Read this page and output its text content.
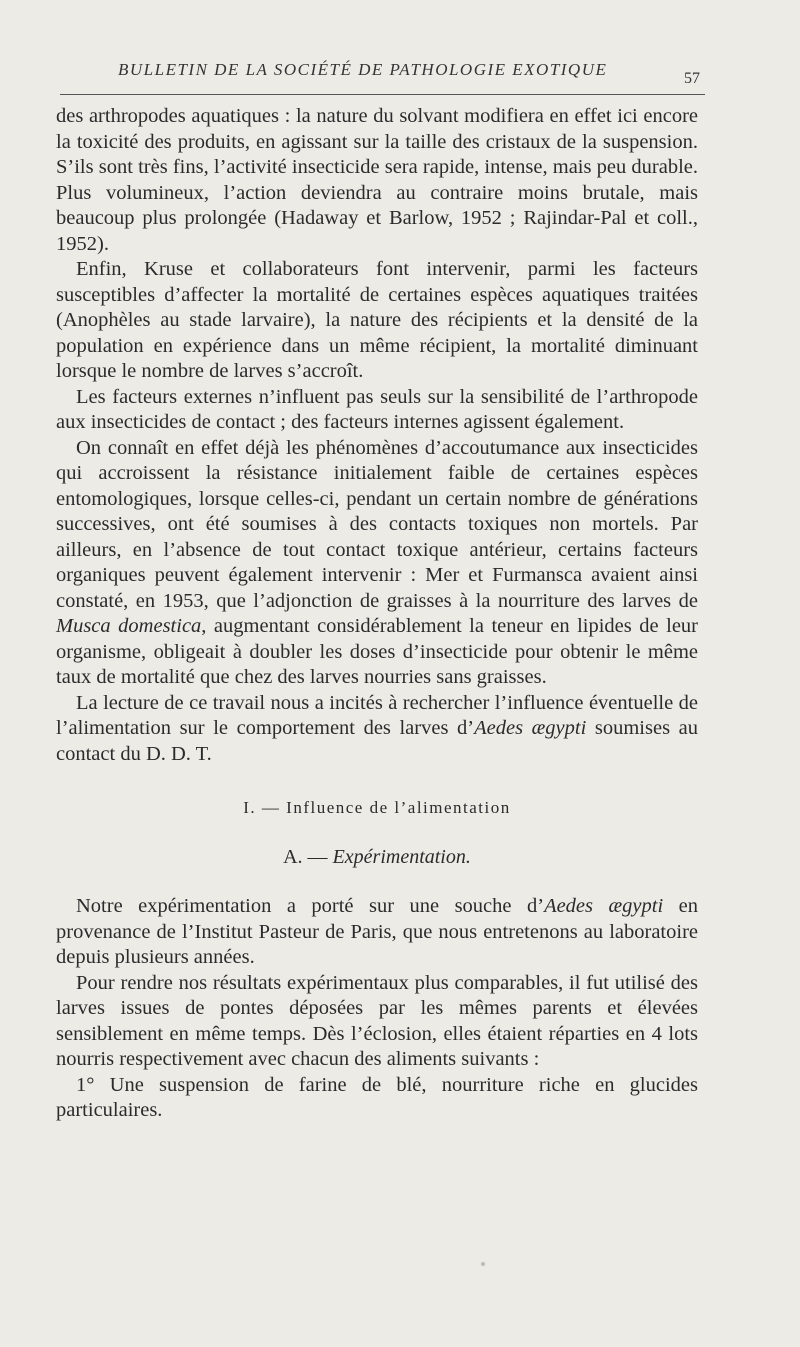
BULLETIN DE LA SOCIÉTÉ DE PATHOLOGIE EXOTIQUE	57

des arthropodes aquatiques : la nature du solvant modifiera en effet ici encore la toxicité des produits, en agissant sur la taille des cristaux de la suspension. S’ils sont très fins, l’activité insecticide sera rapide, intense, mais peu durable. Plus volumineux, l’action deviendra au contraire moins brutale, mais beaucoup plus prolongée (Hadaway et Barlow, 1952 ; Rajindar-Pal et coll., 1952).

Enfin, Kruse et collaborateurs font intervenir, parmi les facteurs susceptibles d’affecter la mortalité de certaines espèces aquatiques traitées (Anophèles au stade larvaire), la nature des récipients et la densité de la population en expérience dans un même récipient, la mortalité diminuant lorsque le nombre de larves s’accroît.

Les facteurs externes n’influent pas seuls sur la sensibilité de l’arthropode aux insecticides de contact ; des facteurs internes agissent également.

On connaît en effet déjà les phénomènes d’accoutumance aux insecticides qui accroissent la résistance initialement faible de certaines espèces entomologiques, lorsque celles-ci, pendant un certain nombre de générations successives, ont été soumises à des contacts toxiques non mortels. Par ailleurs, en l’absence de tout contact toxique antérieur, certains facteurs organiques peuvent également intervenir : Mer et Furmansca avaient ainsi constaté, en 1953, que l’adjonction de graisses à la nourriture des larves de Musca domestica, augmentant considérablement la teneur en lipides de leur organisme, obligeait à doubler les doses d’insecticide pour obtenir le même taux de mortalité que chez des larves nourries sans graisses.

La lecture de ce travail nous a incités à rechercher l’influence éventuelle de l’alimentation sur le comportement des larves d’Aedes ægypti soumises au contact du D. D. T.

I. — Influence de l’alimentation
A. — Expérimentation.

Notre expérimentation a porté sur une souche d’Aedes ægypti en provenance de l’Institut Pasteur de Paris, que nous entretenons au laboratoire depuis plusieurs années.

Pour rendre nos résultats expérimentaux plus comparables, il fut utilisé des larves issues de pontes déposées par les mêmes parents et élevées sensiblement en même temps. Dès l’éclosion, elles étaient réparties en 4 lots nourris respectivement avec chacun des aliments suivants :

1° Une suspension de farine de blé, nourriture riche en glucides particulaires.
